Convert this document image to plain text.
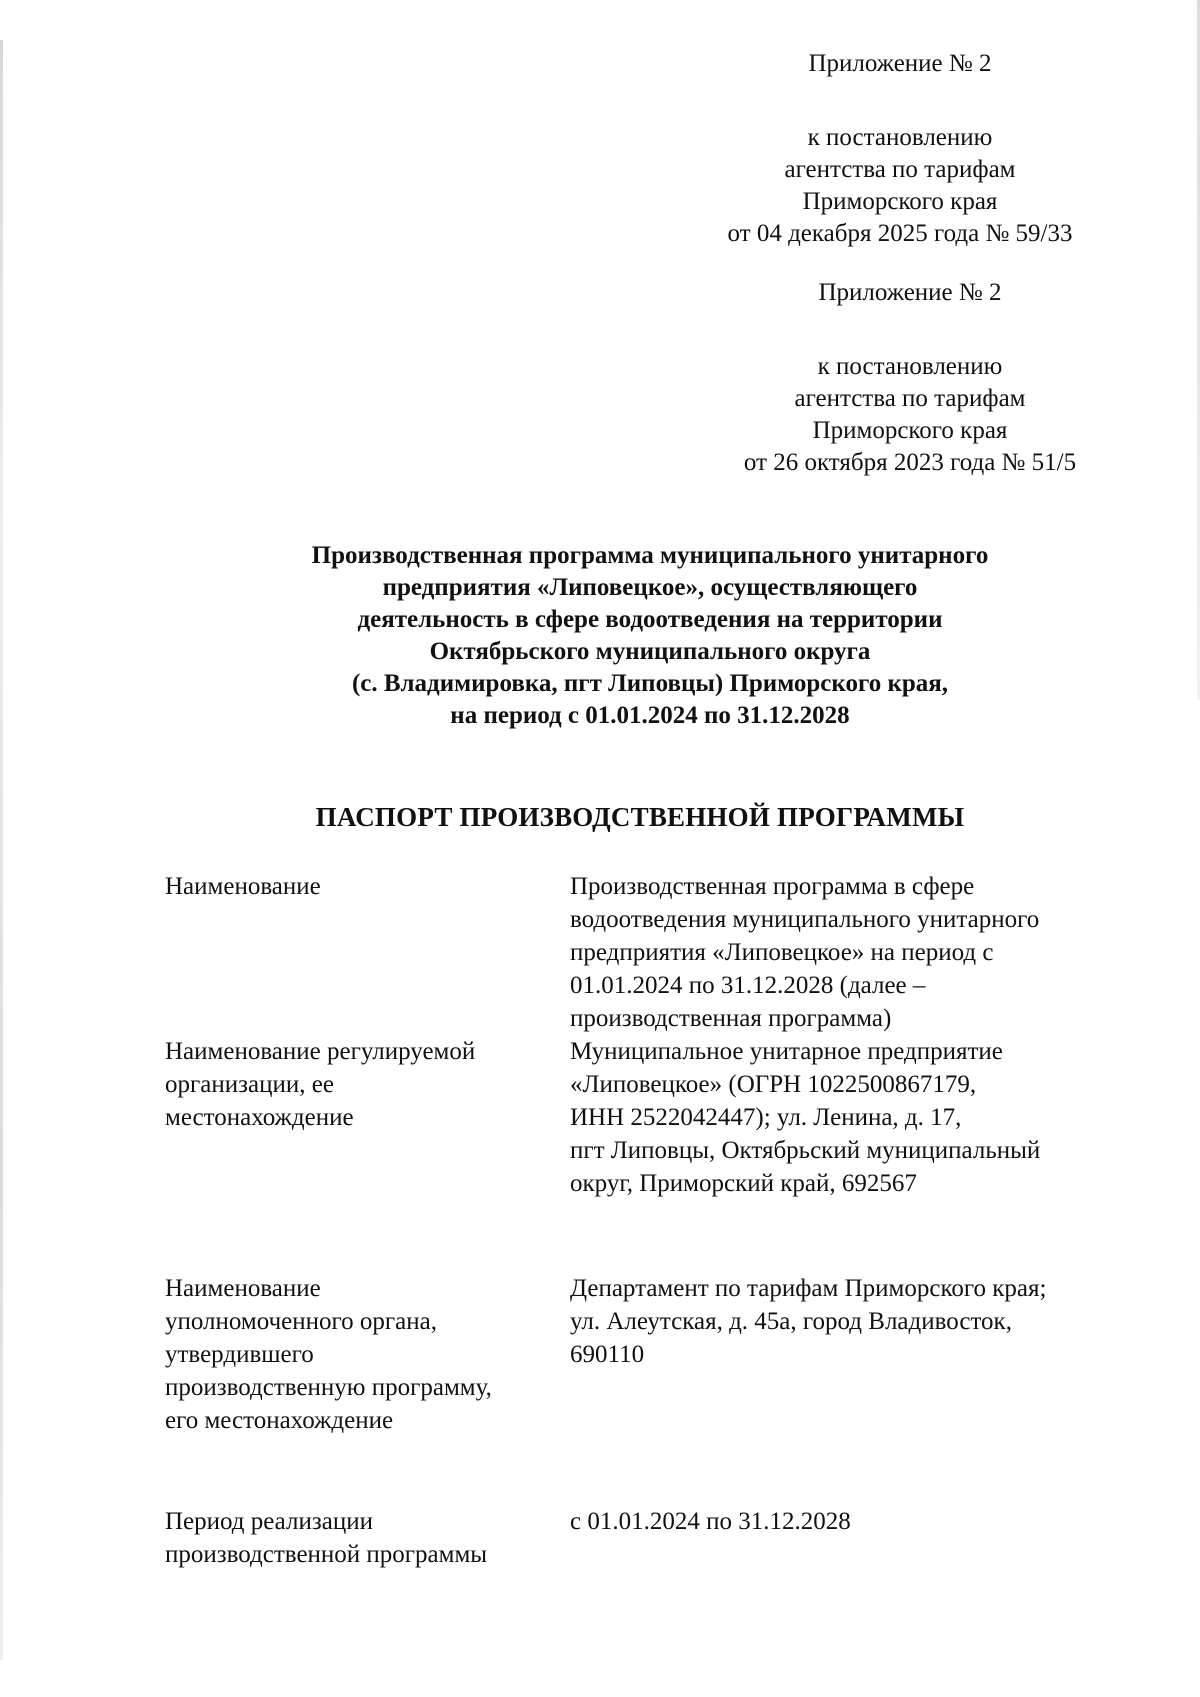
Приложение № 2
к постановлению
агентства по тарифам
Приморского края
от 04 декабря 2025 года № 59/33
Приложение № 2
к постановлению
агентства по тарифам
Приморского края
от 26 октября 2023 года № 51/5
Производственная программа муниципального унитарного
предприятия «Липовецкое», осуществляющего
деятельность в сфере водоотведения на территории
Октябрьского муниципального округа
(с. Владимировка, пгт Липовцы) Приморского края,
на период с 01.01.2024 по 31.12.2028
ПАСПОРТ ПРОИЗВОДСТВЕННОЙ ПРОГРАММЫ
Наименование	Производственная программа в сфере
водоотведения муниципального унитарного
предприятия «Липовецкое» на период с
01.01.2024 по 31.12.2028 (далее –
производственная программа)
Наименование регулируемой
организации, ее
местонахождение
Муниципальное унитарное предприятие
«Липовецкое» (ОГРН 1022500867179,
ИНН 2522042447); ул. Ленина, д. 17,
пгт Липовцы, Октябрьский муниципальный
округ, Приморский край, 692567
Наименование
уполномоченного органа,
утвердившего
производственную программу,
его местонахождение
Департамент по тарифам Приморского края;
ул. Алеутская, д. 45а, город Владивосток,
690110
Период реализации
производственной программы
с 01.01.2024 по 31.12.2028
